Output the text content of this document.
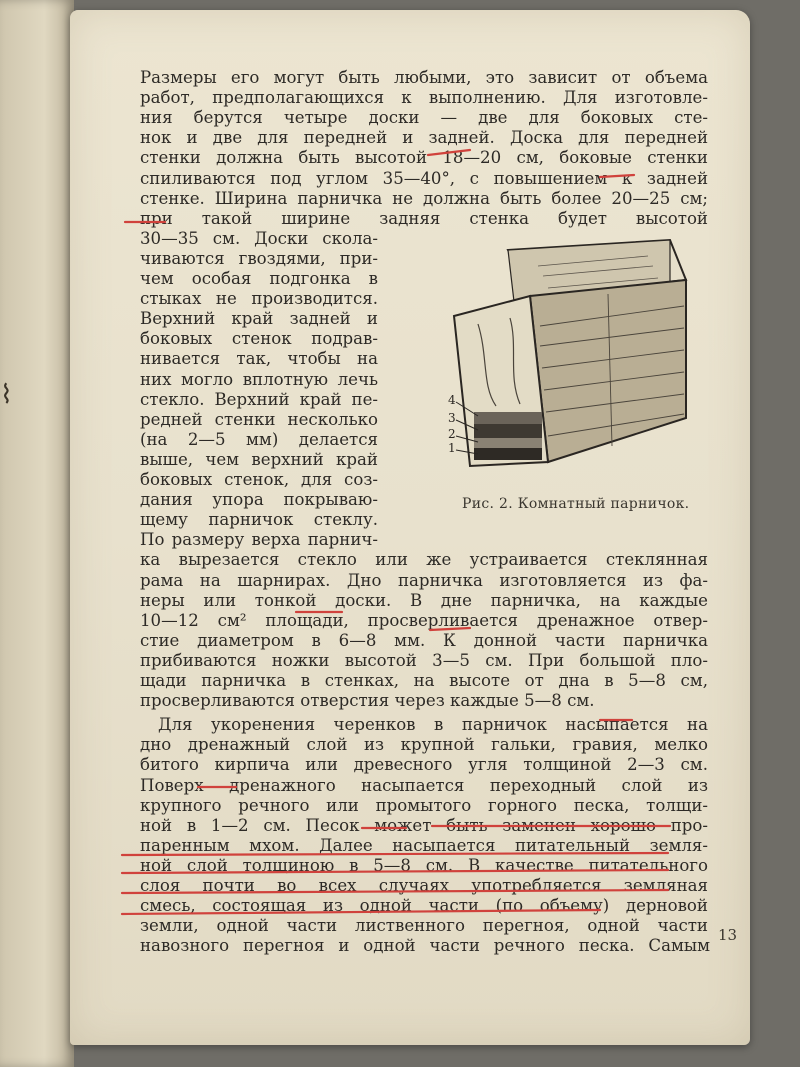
⌇
Размеры его могут быть любыми, это зависит от объема
работ, предполагающихся к выполнению. Для изготовле-
ния берутся четыре доски — две для боковых сте-
нок и две для передней и задней. Доска для передней
стенки должна быть высотой 18—20 см, боковые стенки
спиливаются под углом 35—40°, с повышением к задней
стенке. Ширина парничка не должна быть более 20—25 см;
при такой ширине задняя стенка будет высотой
30—35 см. Доски скола-
чиваются гвоздями, при-
чем особая подгонка в
стыках не производится.
Верхний край задней и
боковых стенок подрав-
нивается так, чтобы на
них могло вплотную лечь
стекло. Верхний край пе-
редней стенки несколько
(на 2—5 мм) делается
выше, чем верхний край
боковых стенок, для соз-
дания упора покрываю-
щему парничок стеклу.
По размеру верха парнич-
ка вырезается стекло или же устраивается стеклянная
рама на шарнирах. Дно парничка изготовляется из фа-
неры или тонкой доски. В дне парничка, на каждые
10—12 см² площади, просверливается дренажное отвер-
стие диаметром в 6—8 мм. К донной части парничка
прибиваются ножки высотой 3—5 см. При большой пло-
щади парничка в стенках, на высоте от дна в 5—8 см,
просверливаются отверстия через каждые 5—8 см.
Для укоренения черенков в парничок насыпается на
дно дренажный слой из крупной гальки, гравия, мелко
битого кирпича или древесного угля толщиной 2—3 см.
Поверх дренажного насыпается переходный слой из
крупного речного или промытого горного песка, толщи-
ной в 1—2 см. Песок может быть заменен хорошо про-
паренным мхом. Далее насыпается питательный земля-
ной слой толщиною в 5—8 см. В качестве питательного
слоя почти во всех случаях употребляется земляная
смесь, состоящая из одной части (по объему) дерновой
земли, одной части лиственного перегноя, одной части
навозного перегноя и одной части речного песка. Самым
4
3
2
1
Рис. 2. Комнатный парничок.
13
